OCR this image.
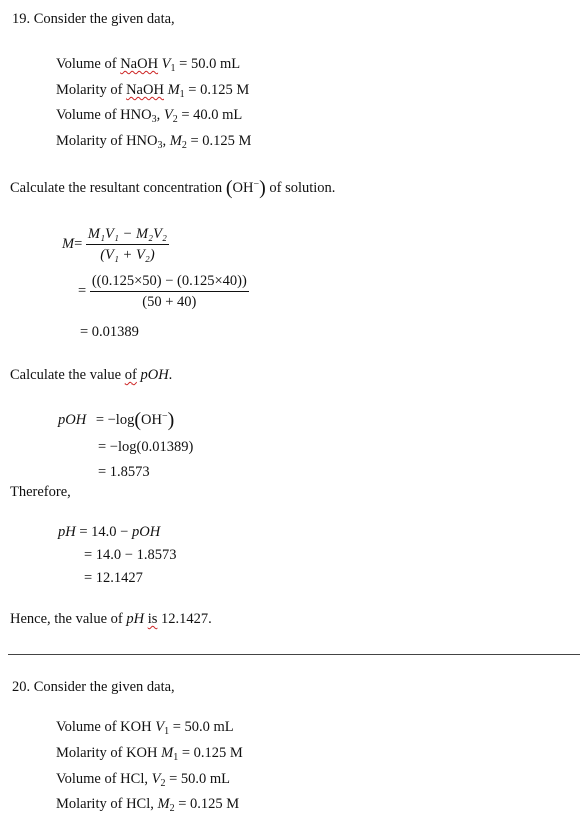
19. Consider the given data,
Volume of NaOH $V_1 = 50.0$ mL
Molarity of NaOH $M_1 = 0.125$ M
Volume of $HNO_3$, $V_2 = 40.0$ mL
Molarity of $HNO_3$, $M_2 = 0.125$ M
Calculate the resultant concentration (OH−) of solution.
$M= \frac{\text{M₁V₁ − M₂V₂}}{\text{(V₁ + V₂)}}$
= $\frac{((0.125\times 50) - (0.125\times 40))}{(50 + 40)}$
= 0.01389
Calculate the value of pOH.
pOH = −log(OH−)
= −log(0.01389)
= 1.8573
Therefore,
pH = 14.0 − pOH
= 14.0 − 1.8573
= 12.1427
Hence, the value of pH is 12.1427.
20. Consider the given data,
Volume of KOH $V_1 = 50.0$ mL
Molarity of KOH $M_1 = 0.125$ M
Volume of HCl, $V_2 = 50.0$ mL
Molarity of HCl, $M_2 = 0.125$ M
